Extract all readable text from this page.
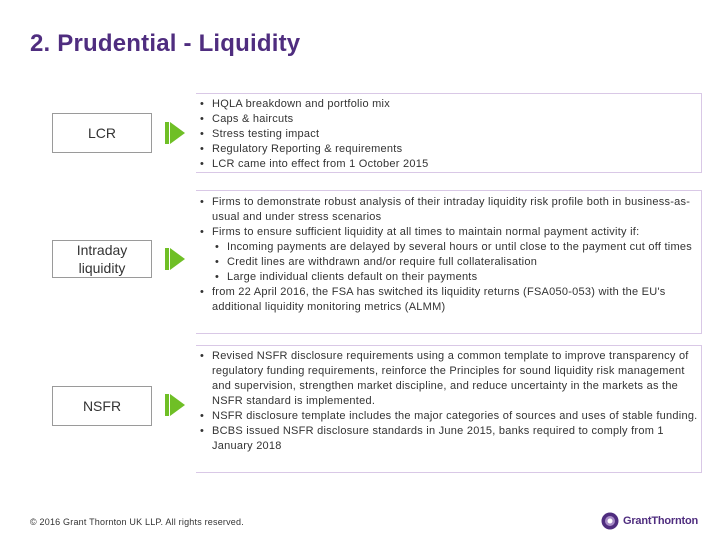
2. Prudential - Liquidity
LCR
• HQLA breakdown and portfolio mix
• Caps & haircuts
• Stress testing impact
• Regulatory Reporting & requirements
• LCR came into effect from 1 October 2015
Intraday liquidity
• Firms to demonstrate robust analysis of their intraday liquidity risk profile both in business-as-usual and under stress scenarios
• Firms to ensure sufficient liquidity at all times to maintain normal payment activity if:
• Incoming payments are delayed by several hours or until close to the payment cut off times
• Credit lines are withdrawn and/or require full collateralisation
• Large individual clients default on their payments
• from 22 April 2016, the FSA has switched its liquidity returns (FSA050-053) with the EU's additional liquidity monitoring metrics (ALMM)
NSFR
• Revised NSFR disclosure requirements using a common template to improve transparency of regulatory funding requirements, reinforce the Principles for sound liquidity risk management and supervision, strengthen market discipline, and reduce uncertainty in the markets as the NSFR standard is implemented.
• NSFR disclosure template includes the major categories of sources and uses of stable funding.
• BCBS issued NSFR disclosure standards in June 2015, banks required to comply from 1 January 2018
© 2016 Grant Thornton UK LLP. All rights reserved.	GrantThornton
